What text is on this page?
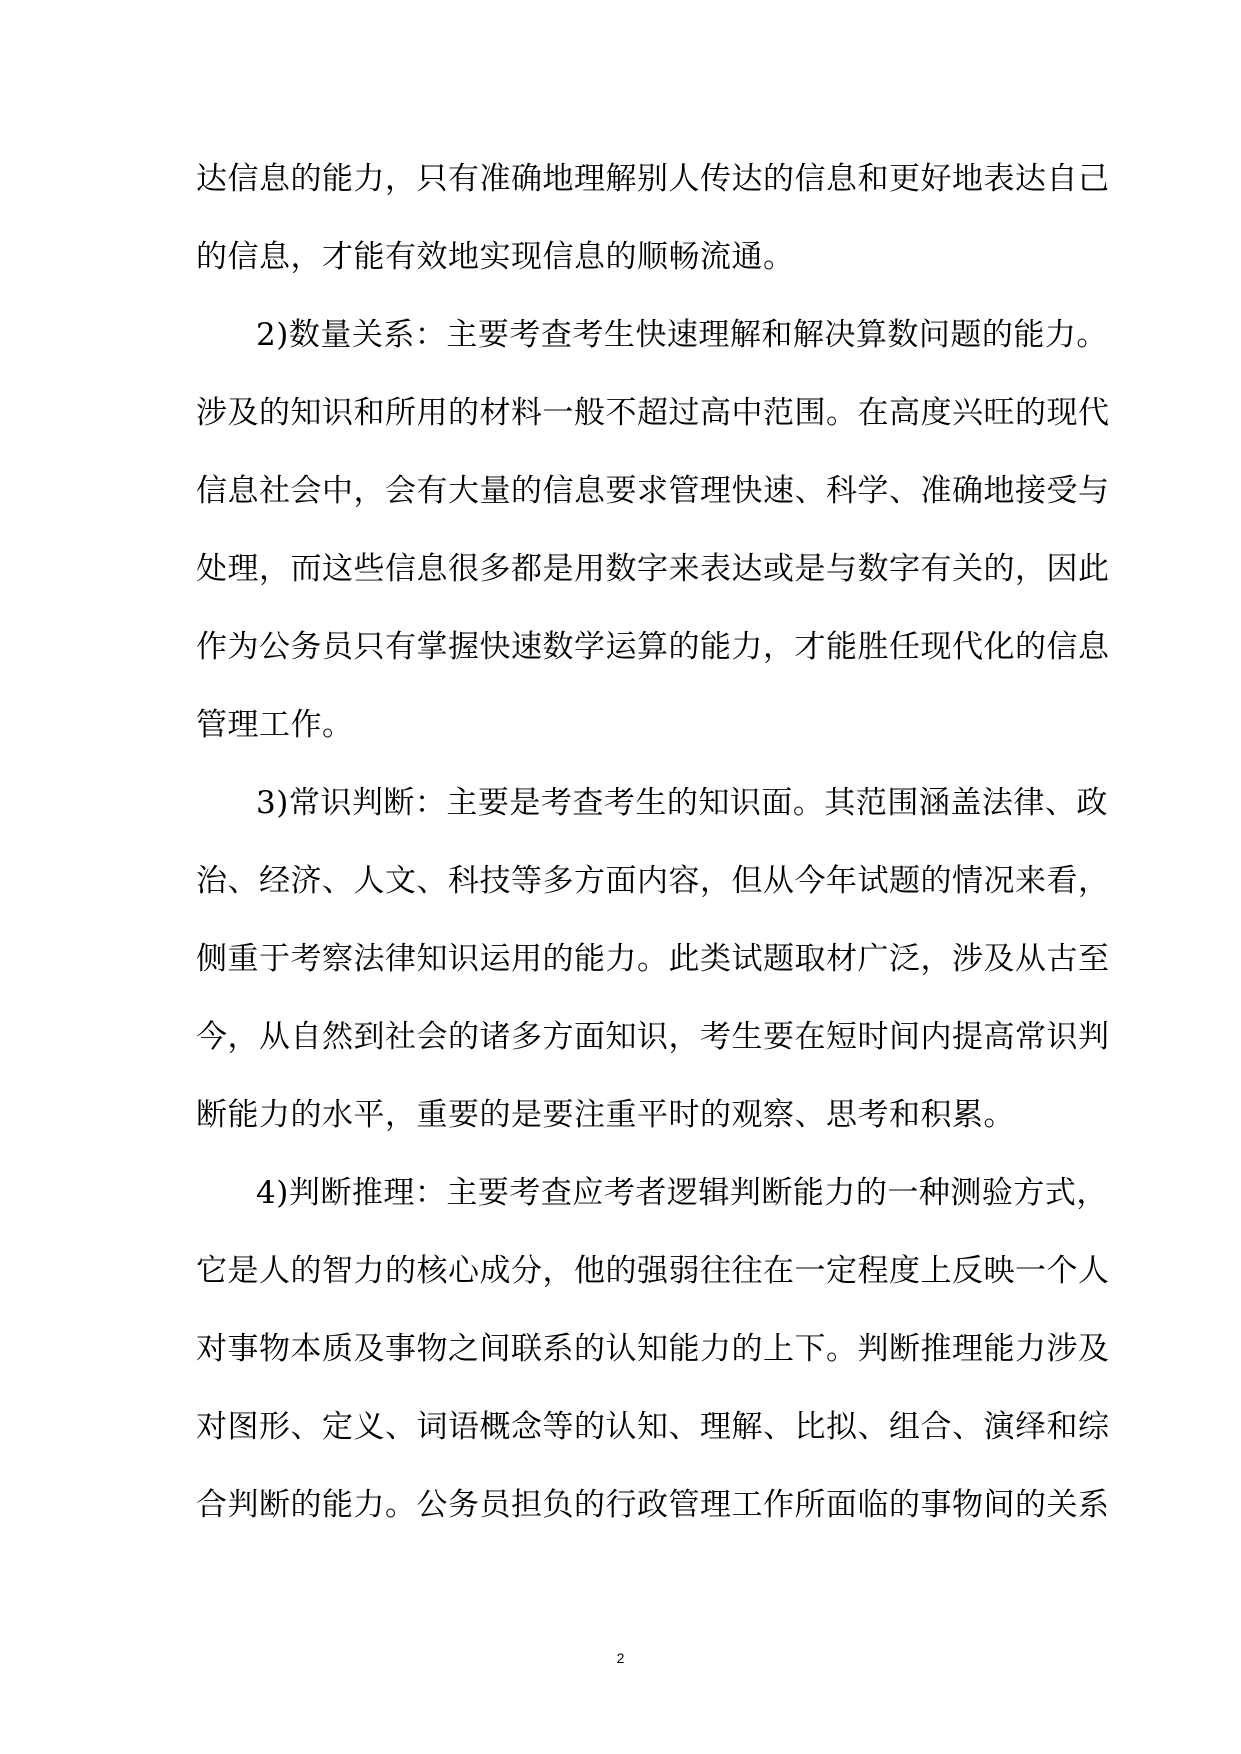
达信息的能力，只有准确地理解别人传达的信息和更好地表达自己
的信息，才能有效地实现信息的顺畅流通。
2)数量关系：主要考查考生快速理解和解决算数问题的能力。
涉及的知识和所用的材料一般不超过高中范围。在高度兴旺的现代
信息社会中，会有大量的信息要求管理快速、科学、准确地接受与
处理，而这些信息很多都是用数字来表达或是与数字有关的，因此
作为公务员只有掌握快速数学运算的能力，才能胜任现代化的信息
管理工作。
3)常识判断：主要是考查考生的知识面。其范围涵盖法律、政
治、经济、人文、科技等多方面内容，但从今年试题的情况来看，
侧重于考察法律知识运用的能力。此类试题取材广泛，涉及从古至
今，从自然到社会的诸多方面知识，考生要在短时间内提高常识判
断能力的水平，重要的是要注重平时的观察、思考和积累。
4)判断推理：主要考查应考者逻辑判断能力的一种测验方式，
它是人的智力的核心成分，他的强弱往往在一定程度上反映一个人
对事物本质及事物之间联系的认知能力的上下。判断推理能力涉及
对图形、定义、词语概念等的认知、理解、比拟、组合、演绎和综
合判断的能力。公务员担负的行政管理工作所面临的事物间的关系
2
